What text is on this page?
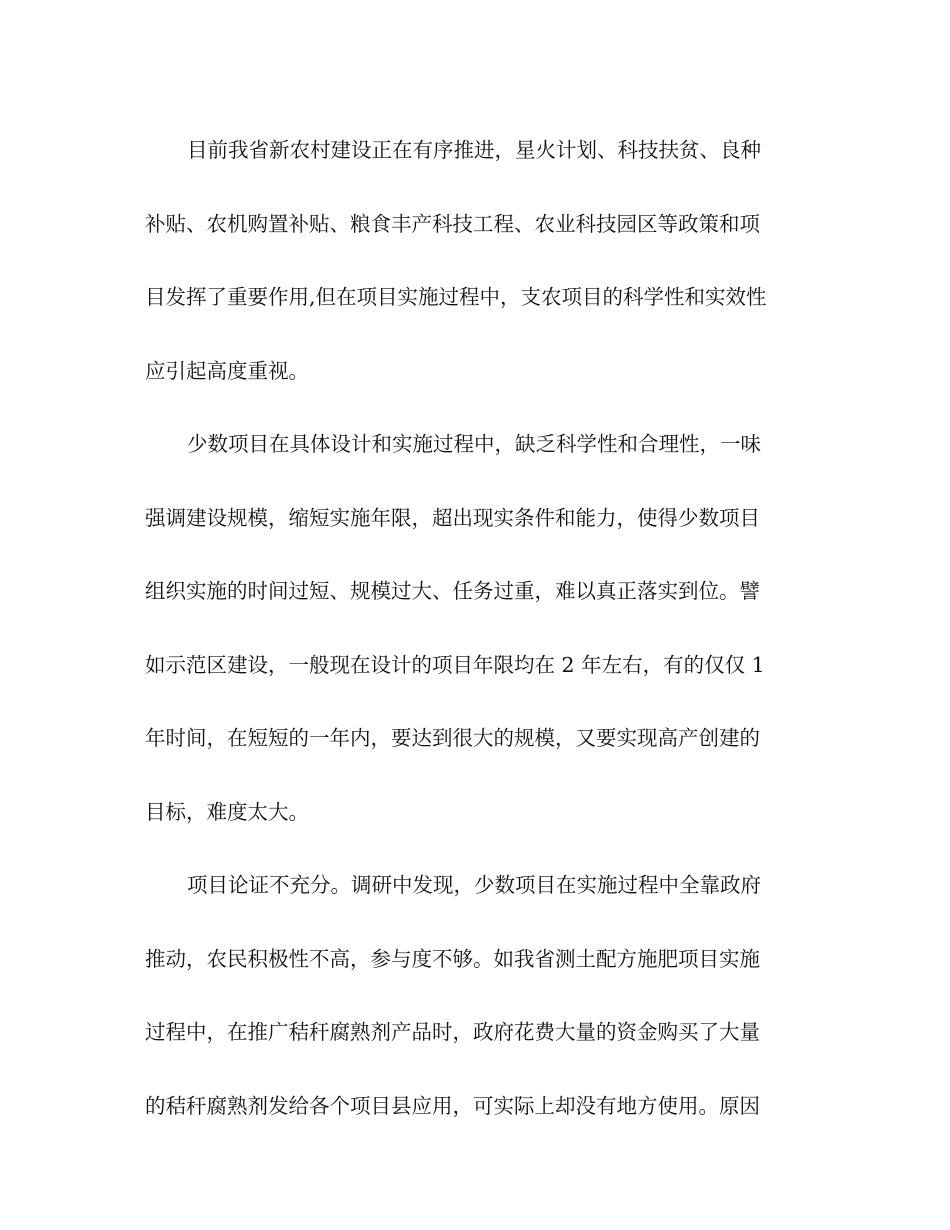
目前我省新农村建设正在有序推进，星火计划、科技扶贫、良种
补贴、农机购置补贴、粮食丰产科技工程、农业科技园区等政策和项
目发挥了重要作用,但在项目实施过程中，支农项目的科学性和实效性
应引起高度重视。

少数项目在具体设计和实施过程中，缺乏科学性和合理性，一味
强调建设规模，缩短实施年限，超出现实条件和能力，使得少数项目
组织实施的时间过短、规模过大、任务过重，难以真正落实到位。譬
如示范区建设，一般现在设计的项目年限均在 2 年左右，有的仅仅 1
年时间，在短短的一年内，要达到很大的规模，又要实现高产创建的
目标，难度太大。

项目论证不充分。调研中发现，少数项目在实施过程中全靠政府
推动，农民积极性不高，参与度不够。如我省测土配方施肥项目实施
过程中，在推广秸秆腐熟剂产品时，政府花费大量的资金购买了大量
的秸秆腐熟剂发给各个项目县应用，可实际上却没有地方使用。原因
